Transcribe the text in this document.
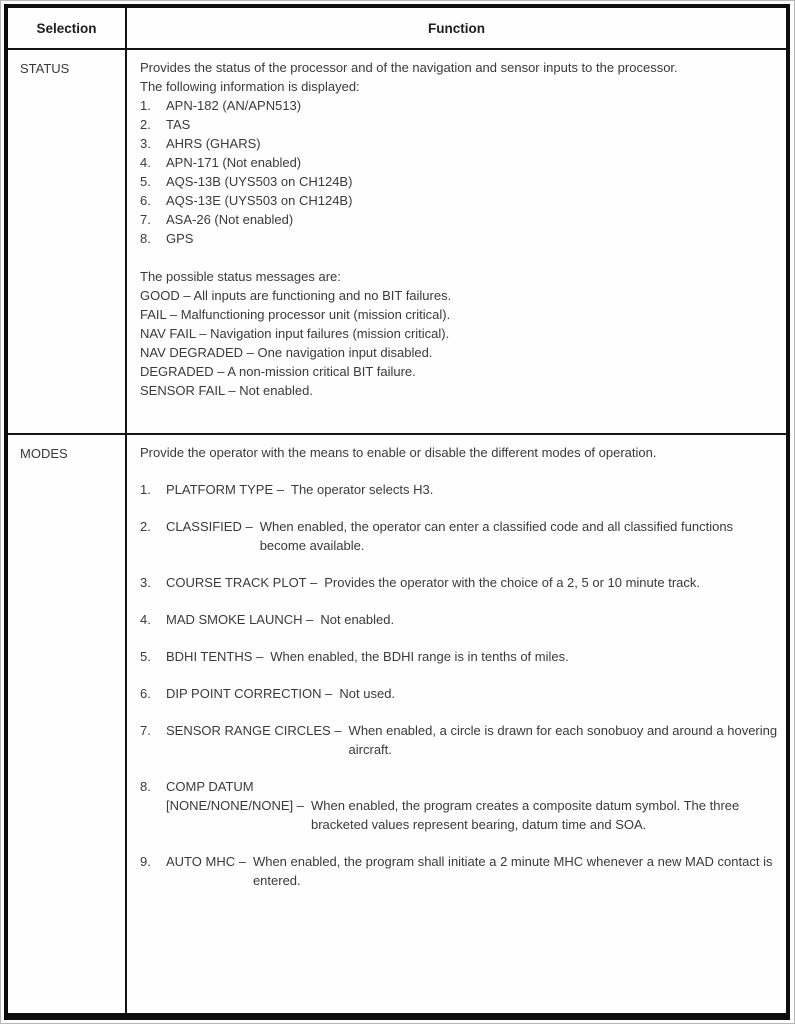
Selection	Function
STATUS	Provides the status of the processor and of the navigation and sensor inputs to the processor.
The following information is displayed:
1.	APN-182 (AN/APN513)
2.	TAS
3.	AHRS (GHARS)
4.	APN-171 (Not enabled)
5.	AQS-13B (UYS503 on CH124B)
6.	AQS-13E (UYS503 on CH124B)
7.	ASA-26 (Not enabled)
8.	GPS
The possible status messages are:
GOOD – All inputs are functioning and no BIT failures.
FAIL – Malfunctioning processor unit (mission critical).
NAV FAIL – Navigation input failures (mission critical).
NAV DEGRADED – One navigation input disabled.
DEGRADED – A non-mission critical BIT failure.
SENSOR FAIL – Not enabled.
MODES	Provide the operator with the means to enable or disable the different modes of operation.
1.	PLATFORM TYPE – The operator selects H3.
2.	CLASSIFIED – When enabled, the operator can enter a classified code and all classified functions become available.
3.	COURSE TRACK PLOT – Provides the operator with the choice of a 2, 5 or 10 minute track.
4.	MAD SMOKE LAUNCH – Not enabled.
5.	BDHI TENTHS – When enabled, the BDHI range is in tenths of miles.
6.	DIP POINT CORRECTION – Not used.
7.	SENSOR RANGE CIRCLES – When enabled, a circle is drawn for each sonobuoy and around a hovering aircraft.
8.	COMP DATUM
[NONE/NONE/NONE] – When enabled, the program creates a composite datum symbol. The three bracketed values represent bearing, datum time and SOA.
9.	AUTO MHC – When enabled, the program shall initiate a 2 minute MHC whenever a new MAD contact is entered.
